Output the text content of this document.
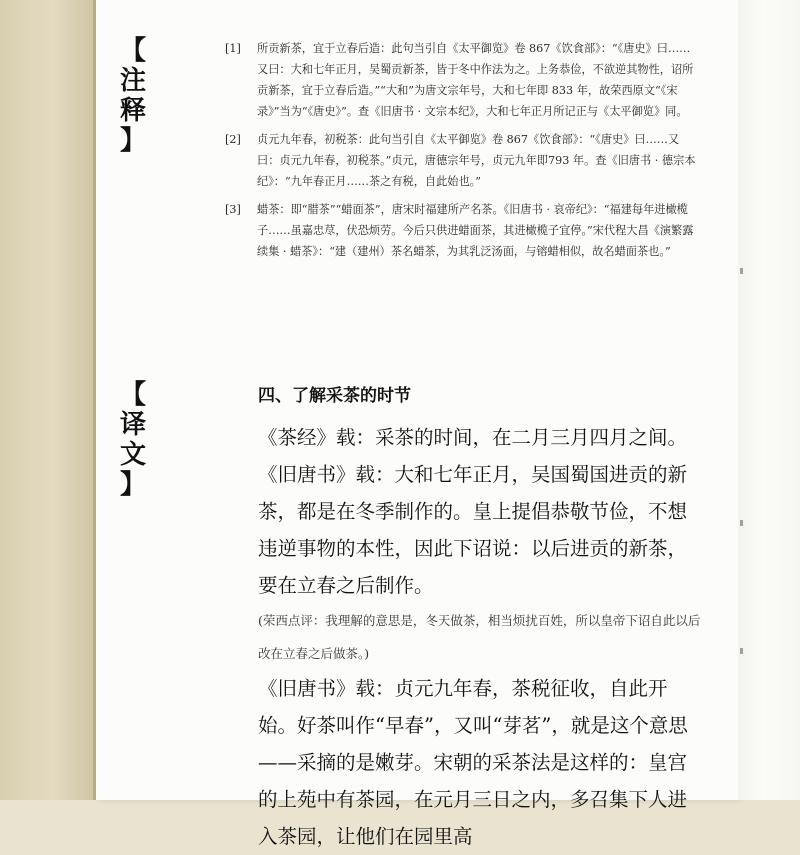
【
注
释
】
[1] 所贡新茶，宜于立春后造：此句当引自《太平御览》卷 867《饮食部》：“《唐史》曰……又曰：大和七年正月，吴蜀贡新茶，皆于冬中作法为之。上务恭俭，不欲逆其物性，诏所贡新茶，宜于立春后造。”“大和”为唐文宗年号，大和七年即 833 年，故荣西原文“《宋录》”当为“《唐史》”。查《旧唐书 · 文宗本纪》，大和七年正月所记正与《太平御览》同。
[2] 贞元九年春，初税茶：此句当引自《太平御览》卷 867《饮食部》：“《唐史》曰……又曰：贞元九年春，初税茶。”贞元，唐德宗年号，贞元九年即793 年。查《旧唐书 · 德宗本纪》：“九年春正月……茶之有税，自此始也。”
[3] 蜡茶：即“腊茶”“蜡面茶”，唐宋时福建所产名茶。《旧唐书 · 哀帝纪》：“福建每年进橄榄子……虽嘉忠荩，伏恐烦劳。今后只供进蜡面茶，其进橄榄子宜停。”宋代程大昌《演繁露续集 · 蜡茶》：“建（建州）茶名蜡茶，为其乳泛汤面，与镕蜡相似，故名蜡面茶也。”
【
译
文
】

四、了解采茶的时节

《茶经》载：采茶的时间，在二月三月四月之间。

《旧唐书》载：大和七年正月，吴国蜀国进贡的新茶，都是在冬季制作的。皇上提倡恭敬节俭，不想违逆事物的本性，因此下诏说：以后进贡的新茶，要在立春之后制作。

(荣西点评：我理解的意思是，冬天做茶，相当烦扰百姓，所以皇帝下诏自此以后改在立春之后做茶。)

《旧唐书》载：贞元九年春，茶税征收，自此开始。好茶叫作“早春”，又叫“芽茗”，就是这个意思——采摘的是嫩芽。宋朝的采茶法是这样的：皇宫的上苑中有茶园，在元月三日之内，多召集下人进入茶园，让他们在园里高
